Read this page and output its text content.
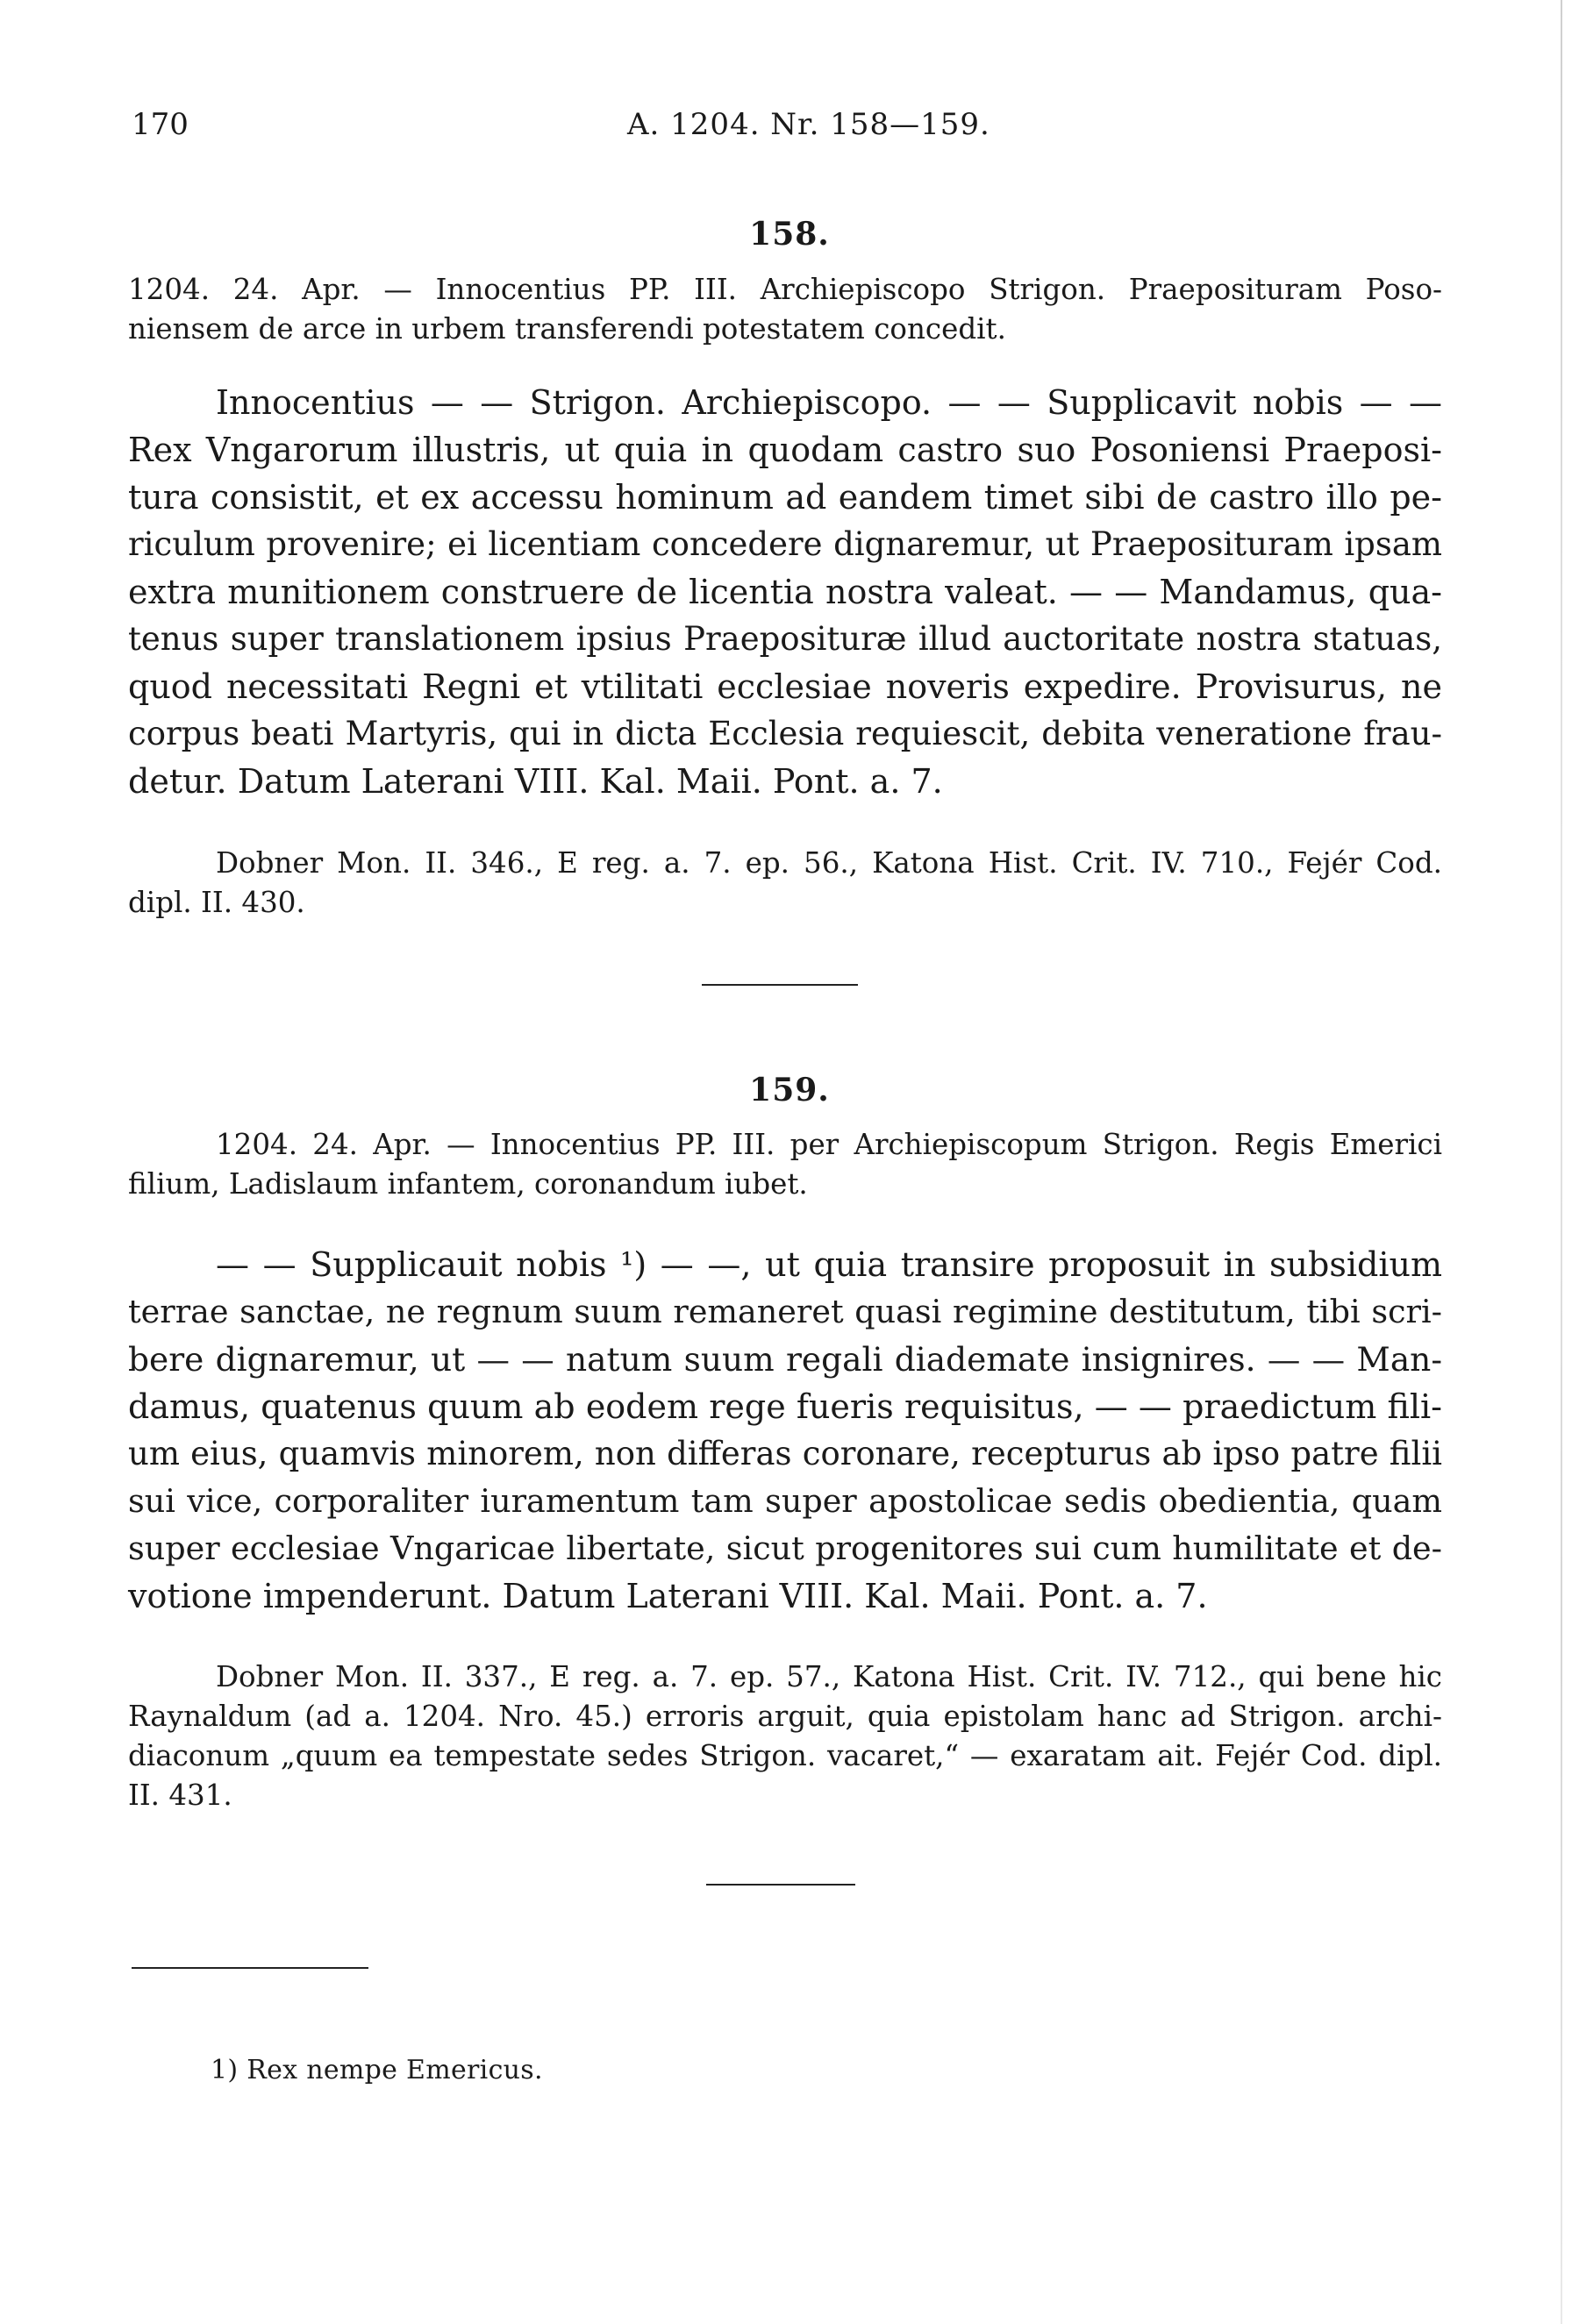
170	A. 1204. Nr. 158—159.
158.
1204. 24. Apr. — Innocentius PP. III. Archiepiscopo Strigon. Praeposituram Poso-
niensem de arce in urbem transferendi potestatem concedit.
Innocentius — — Strigon. Archiepiscopo. — — Supplicavit nobis — —
Rex Vngarorum illustris, ut quia in quodam castro suo Posoniensi Praeposi-
tura consistit, et ex accessu hominum ad eandem timet sibi de castro illo pe-
riculum provenire; ei licentiam concedere dignaremur, ut Praeposituram ipsam
extra munitionem construere de licentia nostra valeat. — — Mandamus, qua-
tenus super translationem ipsius Praeposituræ illud auctoritate nostra statuas,
quod necessitati Regni et vtilitati ecclesiae noveris expedire. Provisurus, ne
corpus beati Martyris, qui in dicta Ecclesia requiescit, debita veneratione frau-
detur. Datum Laterani VIII. Kal. Maii. Pont. a. 7.
Dobner Mon. II. 346., E reg. a. 7. ep. 56., Katona Hist. Crit. IV. 710., Fejér Cod.
dipl. II. 430.
159.
1204. 24. Apr. — Innocentius PP. III. per Archiepiscopum Strigon. Regis Emerici
filium, Ladislaum infantem, coronandum iubet.
— — Supplicauit nobis ¹) — —, ut quia transire proposuit in subsidium
terrae sanctae, ne regnum suum remaneret quasi regimine destitutum, tibi scri-
bere dignaremur, ut — — natum suum regali diademate insignires. — — Man-
damus, quatenus quum ab eodem rege fueris requisitus, — — praedictum fili-
um eius, quamvis minorem, non differas coronare, recepturus ab ipso patre filii
sui vice, corporaliter iuramentum tam super apostolicae sedis obedientia, quam
super ecclesiae Vngaricae libertate, sicut progenitores sui cum humilitate et de-
votione impenderunt. Datum Laterani VIII. Kal. Maii. Pont. a. 7.
Dobner Mon. II. 337., E reg. a. 7. ep. 57., Katona Hist. Crit. IV. 712., qui bene hic
Raynaldum (ad a. 1204. Nro. 45.) erroris arguit, quia epistolam hanc ad Strigon. archi-
diaconum „quum ea tempestate sedes Strigon. vacaret,“ — exaratam ait. Fejér Cod. dipl.
II. 431.
1) Rex nempe Emericus.
